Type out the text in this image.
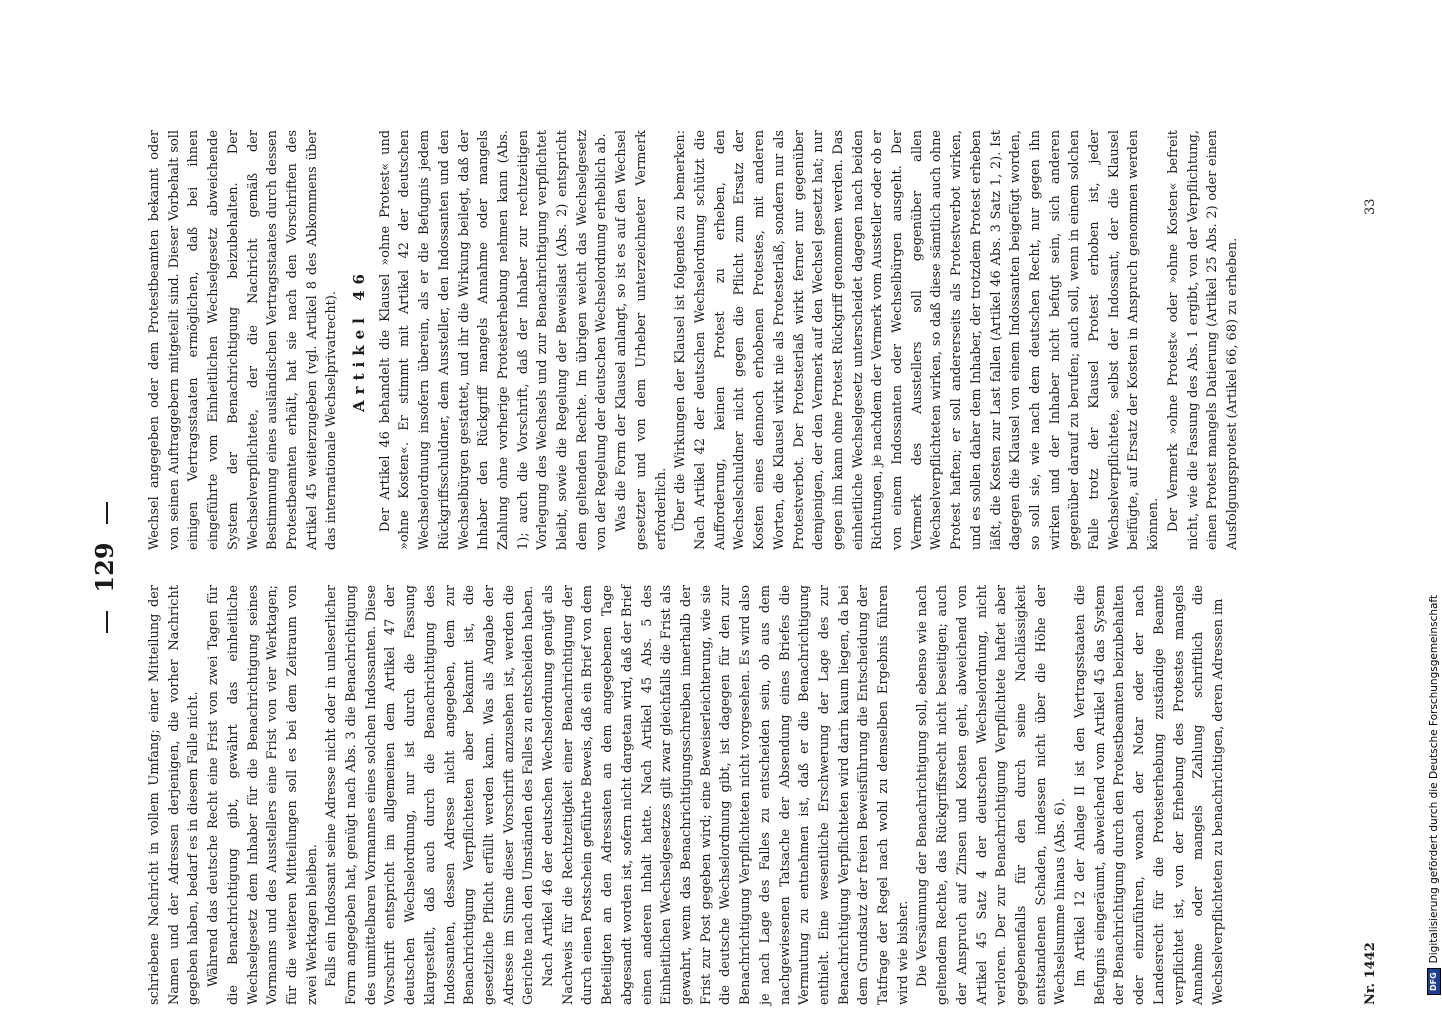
129

schriebene Nachricht in vollem Umfang; einer Mitteilung der Namen und der Adressen derjenigen, die vorher Nachricht gegeben haben, bedarf es in diesem Falle nicht. Während das deutsche Recht eine Frist von zwei Tagen für die Benachrichtigung gibt, gewährt das einheitliche Wechselgesetz dem Inhaber für die Benachrichtigung seines Vormanns und des Ausstellers eine Frist von vier Werktagen; für die weiteren Mitteilungen soll es bei dem Zeitraum von zwei Werktagen bleiben. Falls ein Indossant seine Adresse nicht oder in unleserlicher Form angegeben hat, genügt nach Abs. 3 die Benachrichtigung des unmittelbaren Vormannes eines solchen Indossanten. Diese Vorschrift entspricht im allgemeinen dem Artikel 47 der deutschen Wechselordnung, nur ist durch die Fassung klargestellt, daß auch durch die Benachrichtigung des Indossanten, dessen Adresse nicht angegeben, dem zur Benachrichtigung Verpflichteten aber bekannt ist, die gesetzliche Pflicht erfüllt werden kann. Was als Angabe der Adresse im Sinne dieser Vorschrift anzusehen ist, werden die Gerichte nach den Umständen des Falles zu entscheiden haben. Nach Artikel 46 der deutschen Wechselordnung genügt als Nachweis für die Rechtzeitigkeit einer Benachrichtigung der durch einen Postschein geführte Beweis, daß ein Brief von dem Beteiligten an den Adressaten an dem angegebenen Tage abgesandt worden ist, sofern nicht dargetan wird, daß der Brief einen anderen Inhalt hatte. Nach Artikel 45 Abs. 5 des Einheitlichen Wechselgesetzes gilt zwar gleichfalls die Frist als gewahrt, wenn das Benachrichtigungsschreiben innerhalb der Frist zur Post gegeben wird; eine Beweiserleichterung, wie sie die deutsche Wechselordnung gibt, ist dagegen für den zur Benachrichtigung Verpflichteten nicht vorgesehen. Es wird also je nach Lage des Falles zu entscheiden sein, ob aus dem nachgewiesenen Tatsache der Absendung eines Briefes die Vermutung zu entnehmen ist, daß er die Benachrichtigung enthielt. Eine wesentliche Erschwerung der Lage des zur Benachrichtigung Verpflichteten wird darin kaum liegen, da bei dem Grundsatz der freien Beweisführung die Entscheidung der Tatfrage der Regel nach wohl zu demselben Ergebnis führen wird wie bisher. Die Versäumung der Benachrichtigung soll, ebenso wie nach geltendem Rechte, das Rückgriffsrecht nicht beseitigen; auch der Anspruch auf Zinsen und Kosten geht, abweichend von Artikel 45 Satz 4 der deutschen Wechselordnung, nicht verloren. Der zur Benachrichtigung Verpflichtete haftet aber gegebenenfalls für den durch seine Nachlässigkeit entstandenen Schaden, indessen nicht über die Höhe der Wechselsumme hinaus (Abs. 6). Im Artikel 12 der Anlage II ist den Vertragsstaaten die Befugnis eingeräumt, abweichend vom Artikel 45 das System der Benachrichtigung durch den Protestbeamten beizubehalten oder einzuführen, wonach der Notar oder der nach Landesrecht für die Protesterhebung zuständige Beamte verpflichtet ist, von der Erhebung des Protestes mangels Annahme oder mangels Zahlung schriftlich die Wechselverpflichteten zu benachrichtigen, deren Adressen im

Wechsel angegeben oder dem Protestbeamten bekannt oder von seinen Auftraggebern mitgeteilt sind. Dieser Vorbehalt soll einigen Vertragsstaaten ermöglichen, daß bei ihnen eingeführte vom Einheitlichen Wechselgesetz abweichende System der Benachrichtigung beizubehalten. Der Wechselverpflichtete, der die Nachricht gemäß der Bestimmung eines ausländischen Vertragsstaates durch dessen Protestbeamten erhält, hat sie nach den Vorschriften des Artikel 45 weiterzugeben (vgl. Artikel 8 des Abkommens über das internationale Wechselprivatrecht). Artikel 46 Der Artikel 46 behandelt die Klausel »ohne Protest« und »ohne Kosten«. Er stimmt mit Artikel 42 der deutschen Wechselordnung insofern überein, als er die Befugnis jedem Rückgriffsschuldner, dem Aussteller, den Indossanten und den Wechselbürgen gestattet, und ihr die Wirkung beilegt, daß der Inhaber den Rückgriff mangels Annahme oder mangels Zahlung ohne vorherige Protesterhebung nehmen kann (Abs. 1); auch die Vorschrift, daß der Inhaber zur rechtzeitigen Vorlegung des Wechsels und zur Benachrichtigung verpflichtet bleibt, sowie die Regelung der Beweislast (Abs. 2) entspricht dem geltenden Rechte. Im übrigen weicht das Wechselgesetz von der Regelung der deutschen Wechselordnung erheblich ab. Was die Form der Klausel anlangt, so ist es auf den Wechsel gesetzter und von dem Urheber unterzeichneter Vermerk erforderlich. Über die Wirkungen der Klausel ist folgendes zu bemerken: Nach Artikel 42 der deutschen Wechselordnung schützt die Aufforderung, keinen Protest zu erheben, den Wechselschuldner nicht gegen die Pflicht zum Ersatz der Kosten eines dennoch erhobenen Protestes, mit anderen Worten, die Klausel wirkt nie als Protesterlaß, sondern nur als Protestverbot. Der Protesterlaß wirkt ferner nur gegenüber demjenigen, der den Vermerk auf den Wechsel gesetzt hat; nur gegen ihn kann ohne Protest Rückgriff genommen werden. Das einheitliche Wechselgesetz unterscheidet dagegen nach beiden Richtungen, je nachdem der Vermerk vom Aussteller oder ob er von einem Indossanten oder Wechselbürgen ausgeht. Der Vermerk des Ausstellers soll gegenüber allen Wechselverpflichteten wirken, so daß diese sämtlich auch ohne Protest haften; er soll andererseits als Protestverbot wirken, und es sollen daher dem Inhaber, der trotzdem Protest erheben läßt, die Kosten zur Last fallen (Artikel 46 Abs. 3 Satz 1, 2). Ist dagegen die Klausel von einem Indossanten beigefügt worden, so soll sie, wie nach dem deutschen Recht, nur gegen ihn wirken und der Inhaber nicht befugt sein, sich anderen gegenüber darauf zu berufen; auch soll, wenn in einem solchen Falle trotz der Klausel Protest erhoben ist, jeder Wechselverpflichtete, selbst der Indossant, der die Klausel beifügte, auf Ersatz der Kosten in Anspruch genommen werden können. Der Vermerk »ohne Protest« oder »ohne Kosten« befreit nicht, wie die Fassung des Abs. 1 ergibt, von der Verpflichtung, einen Protest mangels Datierung (Artikel 25 Abs. 2) oder einen Ausfolgungsprotest (Artikel 66, 68) zu erheben.

Nr. 1442
33
DFG
Digitalisierung gefördert durch die Deutsche Forschungsgemeinschaft
